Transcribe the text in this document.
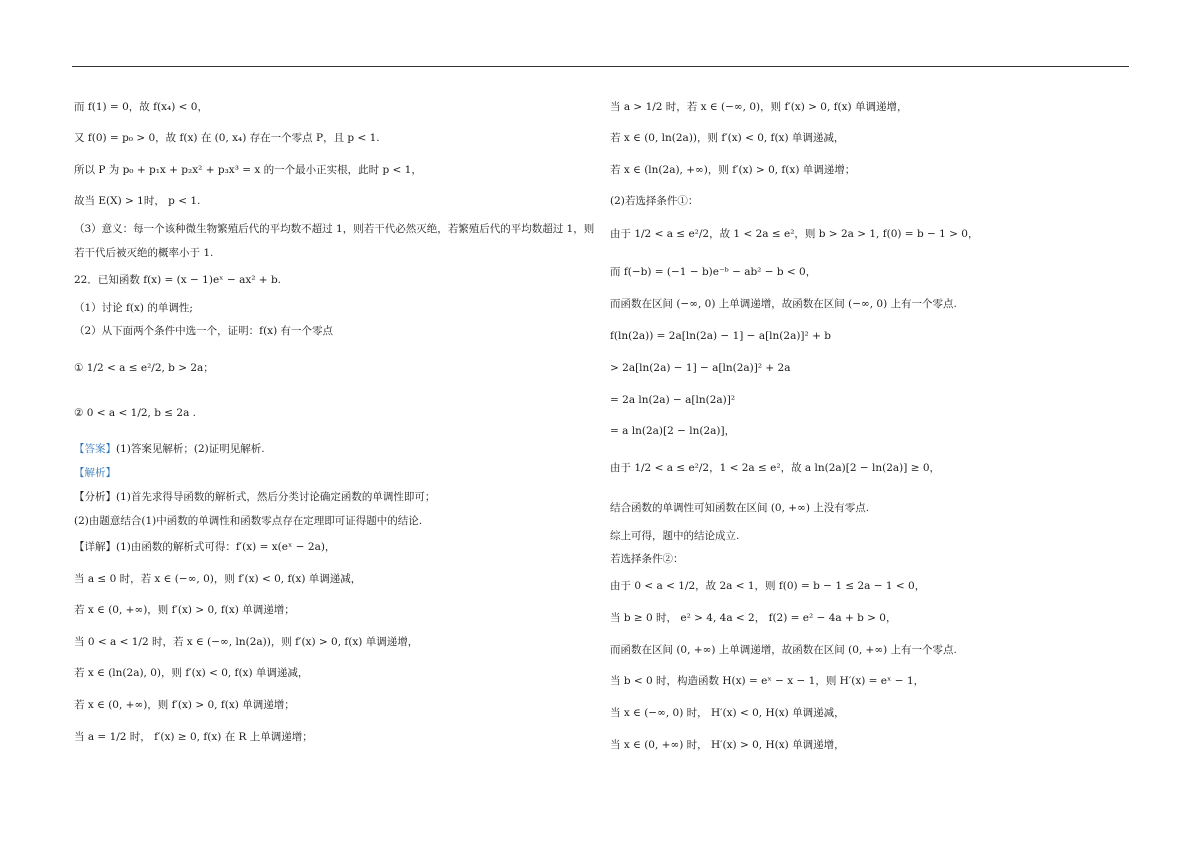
而 f(1) = 0，故 f(x₄) < 0，
又 f(0) = p₀ > 0，故 f(x) 在 (0, x₄) 存在一个零点 P，且 p < 1.
所以 P 为 p₀ + p₁x + p₂x² + p₃x³ = x 的一个最小正实根，此时 p < 1，
故当 E(X) > 1时， p < 1.
（3）意义：每一个该种微生物繁殖后代的平均数不超过 1，则若干代必然灭绝，若繁殖后代的平均数超过 1，则
若干代后被灭绝的概率小于 1.
22．已知函数 f(x) = (x − 1)eˣ − ax² + b.
（1）讨论 f(x) 的单调性;
（2）从下面两个条件中选一个，证明：f(x) 有一个零点
① 1/2 < a ≤ e²/2, b > 2a；
② 0 < a < 1/2, b ≤ 2a .
【答案】(1)答案见解析；(2)证明见解析.
【解析】
【分析】(1)首先求得导函数的解析式，然后分类讨论确定函数的单调性即可；
(2)由题意结合(1)中函数的单调性和函数零点存在定理即可证得题中的结论.
【详解】(1)由函数的解析式可得：f′(x) = x(eˣ − 2a)，
当 a ≤ 0 时，若 x ∈ (−∞, 0)，则 f′(x) < 0, f(x) 单调递减，
若 x ∈ (0, +∞)，则 f′(x) > 0, f(x) 单调递增；
当 0 < a < 1/2 时，若 x ∈ (−∞, ln(2a))，则 f′(x) > 0, f(x) 单调递增，
若 x ∈ (ln(2a), 0)，则 f′(x) < 0, f(x) 单调递减，
若 x ∈ (0, +∞)，则 f′(x) > 0, f(x) 单调递增；
当 a = 1/2 时， f′(x) ≥ 0, f(x) 在 R 上单调递增；
当 a > 1/2 时，若 x ∈ (−∞, 0)，则 f′(x) > 0, f(x) 单调递增，
若 x ∈ (0, ln(2a))，则 f′(x) < 0, f(x) 单调递减，
若 x ∈ (ln(2a), +∞)，则 f′(x) > 0, f(x) 单调递增；
(2)若选择条件①：
由于 1/2 < a ≤ e²/2，故 1 < 2a ≤ e²，则 b > 2a > 1, f(0) = b − 1 > 0，
而 f(−b) = (−1 − b)e⁻ᵇ − ab² − b < 0，
而函数在区间 (−∞, 0) 上单调递增，故函数在区间 (−∞, 0) 上有一个零点.
f(ln(2a)) = 2a[ln(2a) − 1] − a[ln(2a)]² + b
> 2a[ln(2a) − 1] − a[ln(2a)]² + 2a
= 2a ln(2a) − a[ln(2a)]²
= a ln(2a)[2 − ln(2a)]，
由于 1/2 < a ≤ e²/2，1 < 2a ≤ e²，故 a ln(2a)[2 − ln(2a)] ≥ 0，
结合函数的单调性可知函数在区间 (0, +∞) 上没有零点.
综上可得，题中的结论成立.
若选择条件②：
由于 0 < a < 1/2，故 2a < 1，则 f(0) = b − 1 ≤ 2a − 1 < 0，
当 b ≥ 0 时， e² > 4, 4a < 2， f(2) = e² − 4a + b > 0，
而函数在区间 (0, +∞) 上单调递增，故函数在区间 (0, +∞) 上有一个零点.
当 b < 0 时，构造函数 H(x) = eˣ − x − 1，则 H′(x) = eˣ − 1，
当 x ∈ (−∞, 0) 时， H′(x) < 0, H(x) 单调递减，
当 x ∈ (0, +∞) 时， H′(x) > 0, H(x) 单调递增，
